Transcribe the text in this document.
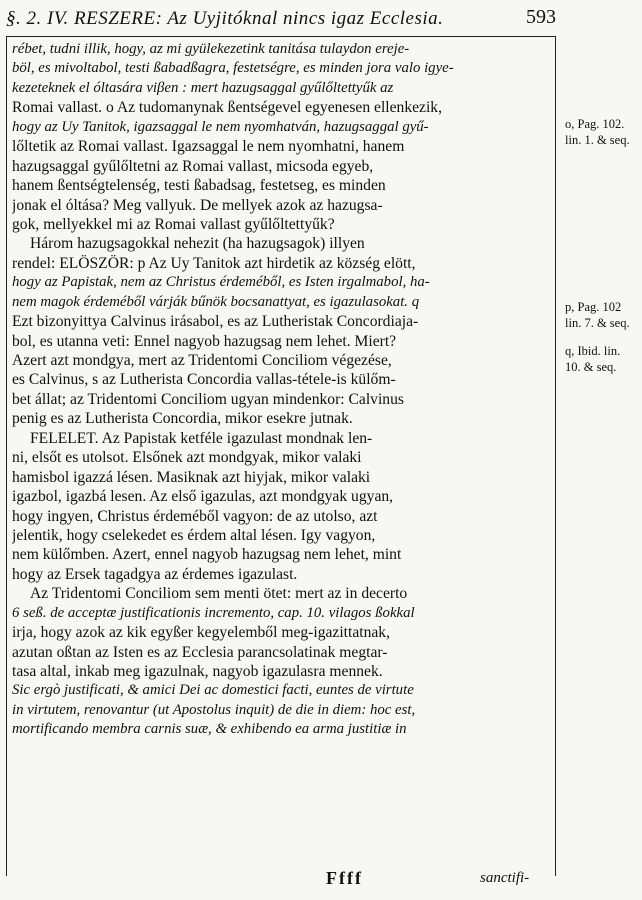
§. 2. IV. RESZERE: Az Uyjitóknal nincs igaz Ecclesia.	593
rébet, tudni illik, hogy, az mi gyülekezetink tanitása tulaydon ereje-
böl, es mivoltabol, testi ßabadßagra, festetségre, es minden jora valo igye-
kezeteknek el óltasára viβen : mert hazugsaggal gyűlőltettyűk az
Romai vallast. o Az tudomanynak ßentségevel egyenesen ellenkezik,
hogy az Uy Tanitok, igazsaggal le nem nyomhatván, hazugsaggal gyű-
lőltetik az Romai vallast. Igazsaggal le nem nyomhatni, hanem
hazugsaggal gyűlőltetni az Romai vallast, micsoda egyeb,
hanem ßentségtelenség, testi ßabadsag, festetseg, es minden
jonak el óltása? Meg vallyuk. De mellyek azok az hazugsa-
gok, mellyekkel mi az Romai vallast gyűlőltettyűk?
Három hazugsagokkal nehezit (ha hazugsagok) illyen
rendel: ELÖSZÖR: p Az Uy Tanitok azt hirdetik az község elött,
hogy az Papistak, nem az Christus érdeméből, es Isten irgalmabol, ha-
nem magok érdeméből várják bűnök bocsanattyat, es igazulasokat. q
Ezt bizonyittya Calvinus irásabol, es az Lutheristak Concordiaja-
bol, es utanna veti: Ennel nagyob hazugsag nem lehet. Miert?
Azert azt mondgya, mert az Tridentomi Conciliom végezése,
es Calvinus, s az Lutherista Concordia vallas-tétele-is külőm-
bet állat; az Tridentomi Conciliom ugyan mindenkor: Calvinus
penig es az Lutherista Concordia, mikor esekre jutnak.
FELELET. Az Papistak ketféle igazulast mondnak len-
ni, elsőt es utolsot. Elsőnek azt mondgyak, mikor valaki
hamisbol igazzá lésen. Masiknak azt hiyjak, mikor valaki
igazbol, igazbá lesen. Az első igazulas, azt mondgyak ugyan,
hogy ingyen, Christus érdeméből vagyon: de az utolso, azt
jelentik, hogy cselekedet es érdem altal lésen. Igy vagyon,
nem külőmben. Azert, ennel nagyob hazugsag nem lehet, mint
hogy az Ersek tagadgya az érdemes igazulast.
Az Tridentomi Conciliom sem menti ötet: mert az in decerto
6 seß. de acceptæ justificationis incremento, cap. 10. vilagos ßokkal
irja, hogy azok az kik egyßer kegyelemből meg-igazittatnak,
azutan oßtan az Isten es az Ecclesia parancsolatinak megtar-
tasa altal, inkab meg igazulnak, nagyob igazulasra mennek.
Sic ergò justificati, & amici Dei ac domestici facti, euntes de virtute
in virtutem, renovantur (ut Apostolus inquit) de die in diem: hoc est,
mortificando membra carnis suæ, & exhibendo ea arma justitiæ in
o, Pag. 102. lin. 1. & seq.
p, Pag. 102 lin. 7. & seq.
q, Ibid. lin. 10. & seq.
Ffff	sanctifi-
